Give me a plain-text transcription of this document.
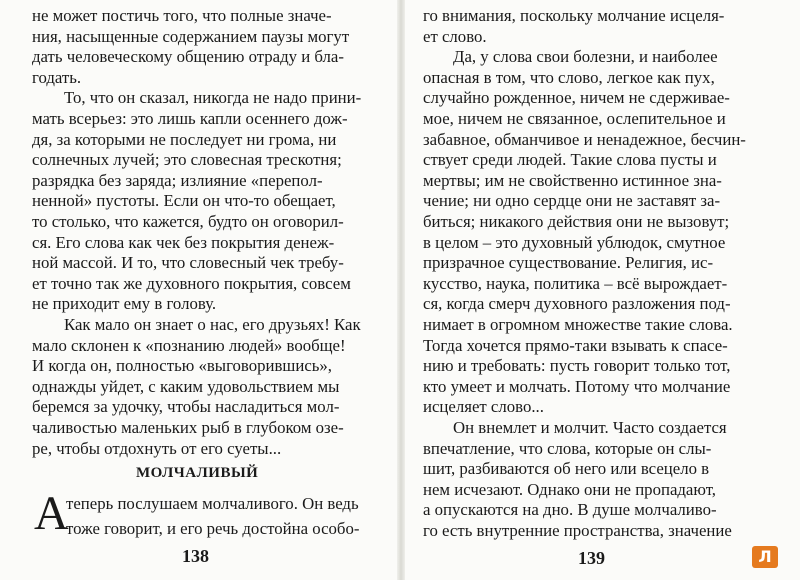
не может постичь того, что полные значе-
ния, насыщенные содержанием паузы могут
дать человеческому общению отраду и бла-
годать.
То, что он сказал, никогда не надо прини-
мать всерьез: это лишь капли осеннего дож-
дя, за которыми не последует ни грома, ни
солнечных лучей; это словесная трескотня;
разрядка без заряда; излияние «перепол-
ненной» пустоты. Если он что-то обещает,
то столько, что кажется, будто он оговорил-
ся. Его слова как чек без покрытия денеж-
ной массой. И то, что словесный чек требу-
ет точно так же духовного покрытия, совсем
не приходит ему в голову.
Как мало он знает о нас, его друзьях! Как
мало склонен к «познанию людей» вообще!
И когда он, полностью «выговорившись»,
однажды уйдет, с каким удовольствием мы
беремся за удочку, чтобы насладиться мол-
чаливостью маленьких рыб в глубоком озе-
ре, чтобы отдохнуть от его суеты...
МОЛЧАЛИВЫЙ
А
теперь послушаем молчаливого. Он ведь
тоже говорит, и его речь достойна особо-
138
го внимания, поскольку молчание исцеля-
ет слово.
Да, у слова свои болезни, и наиболее
опасная в том, что слово, легкое как пух,
случайно рожденное, ничем не сдерживае-
мое, ничем не связанное, ослепительное и
забавное, обманчивое и ненадежное, бесчин-
ствует среди людей. Такие слова пусты и
мертвы; им не свойственно истинное зна-
чение; ни одно сердце они не заставят за-
биться; никакого действия они не вызовут;
в целом – это духовный ублюдок, смутное
призрачное существование. Религия, ис-
кусство, наука, политика – всё вырождает-
ся, когда смерч духовного разложения под-
нимает в огромном множестве такие слова.
Тогда хочется прямо-таки взывать к спасе-
нию и требовать: пусть говорит только тот,
кто умеет и молчать. Потому что молчание
исцеляет слово...
Он внемлет и молчит. Часто создается
впечатление, что слова, которые он слы-
шит, разбиваются об него или всецело в
нем исчезают. Однако они не пропадают,
а опускаются на дно. В душе молчаливо-
го есть внутренние пространства, значение
139	Л
